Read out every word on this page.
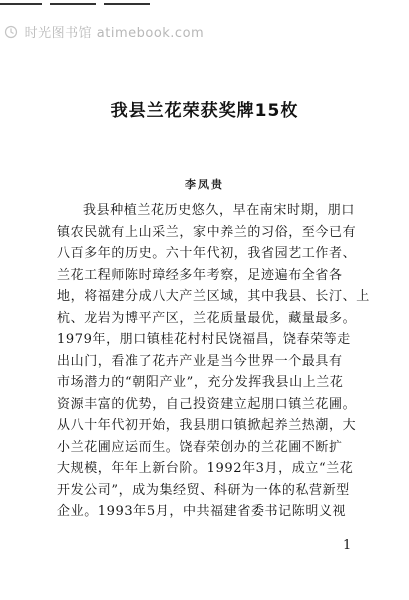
时光图书馆 atimebook.com
我县兰花荣获奖牌15枚
李凤贵
我县种植兰花历史悠久，早在南宋时期，朋口
镇农民就有上山采兰，家中养兰的习俗，至今已有
八百多年的历史。六十年代初，我省园艺工作者、
兰花工程师陈时璋经多年考察，足迹遍布全省各
地，将福建分成八大产兰区域，其中我县、长汀、上
杭、龙岩为博平产区，兰花质量最优，藏量最多。
1979年，朋口镇桂花村村民饶福昌，饶春荣等走
出山门，看准了花卉产业是当今世界一个最具有
市场潜力的“朝阳产业”，充分发挥我县山上兰花
资源丰富的优势，自己投资建立起朋口镇兰花圃。
从八十年代初开始，我县朋口镇掀起养兰热潮，大
小兰花圃应运而生。饶春荣创办的兰花圃不断扩
大规模，年年上新台阶。1992年3月，成立“兰花
开发公司”，成为集经贸、科研为一体的私营新型
企业。1993年5月，中共福建省委书记陈明义视
1
